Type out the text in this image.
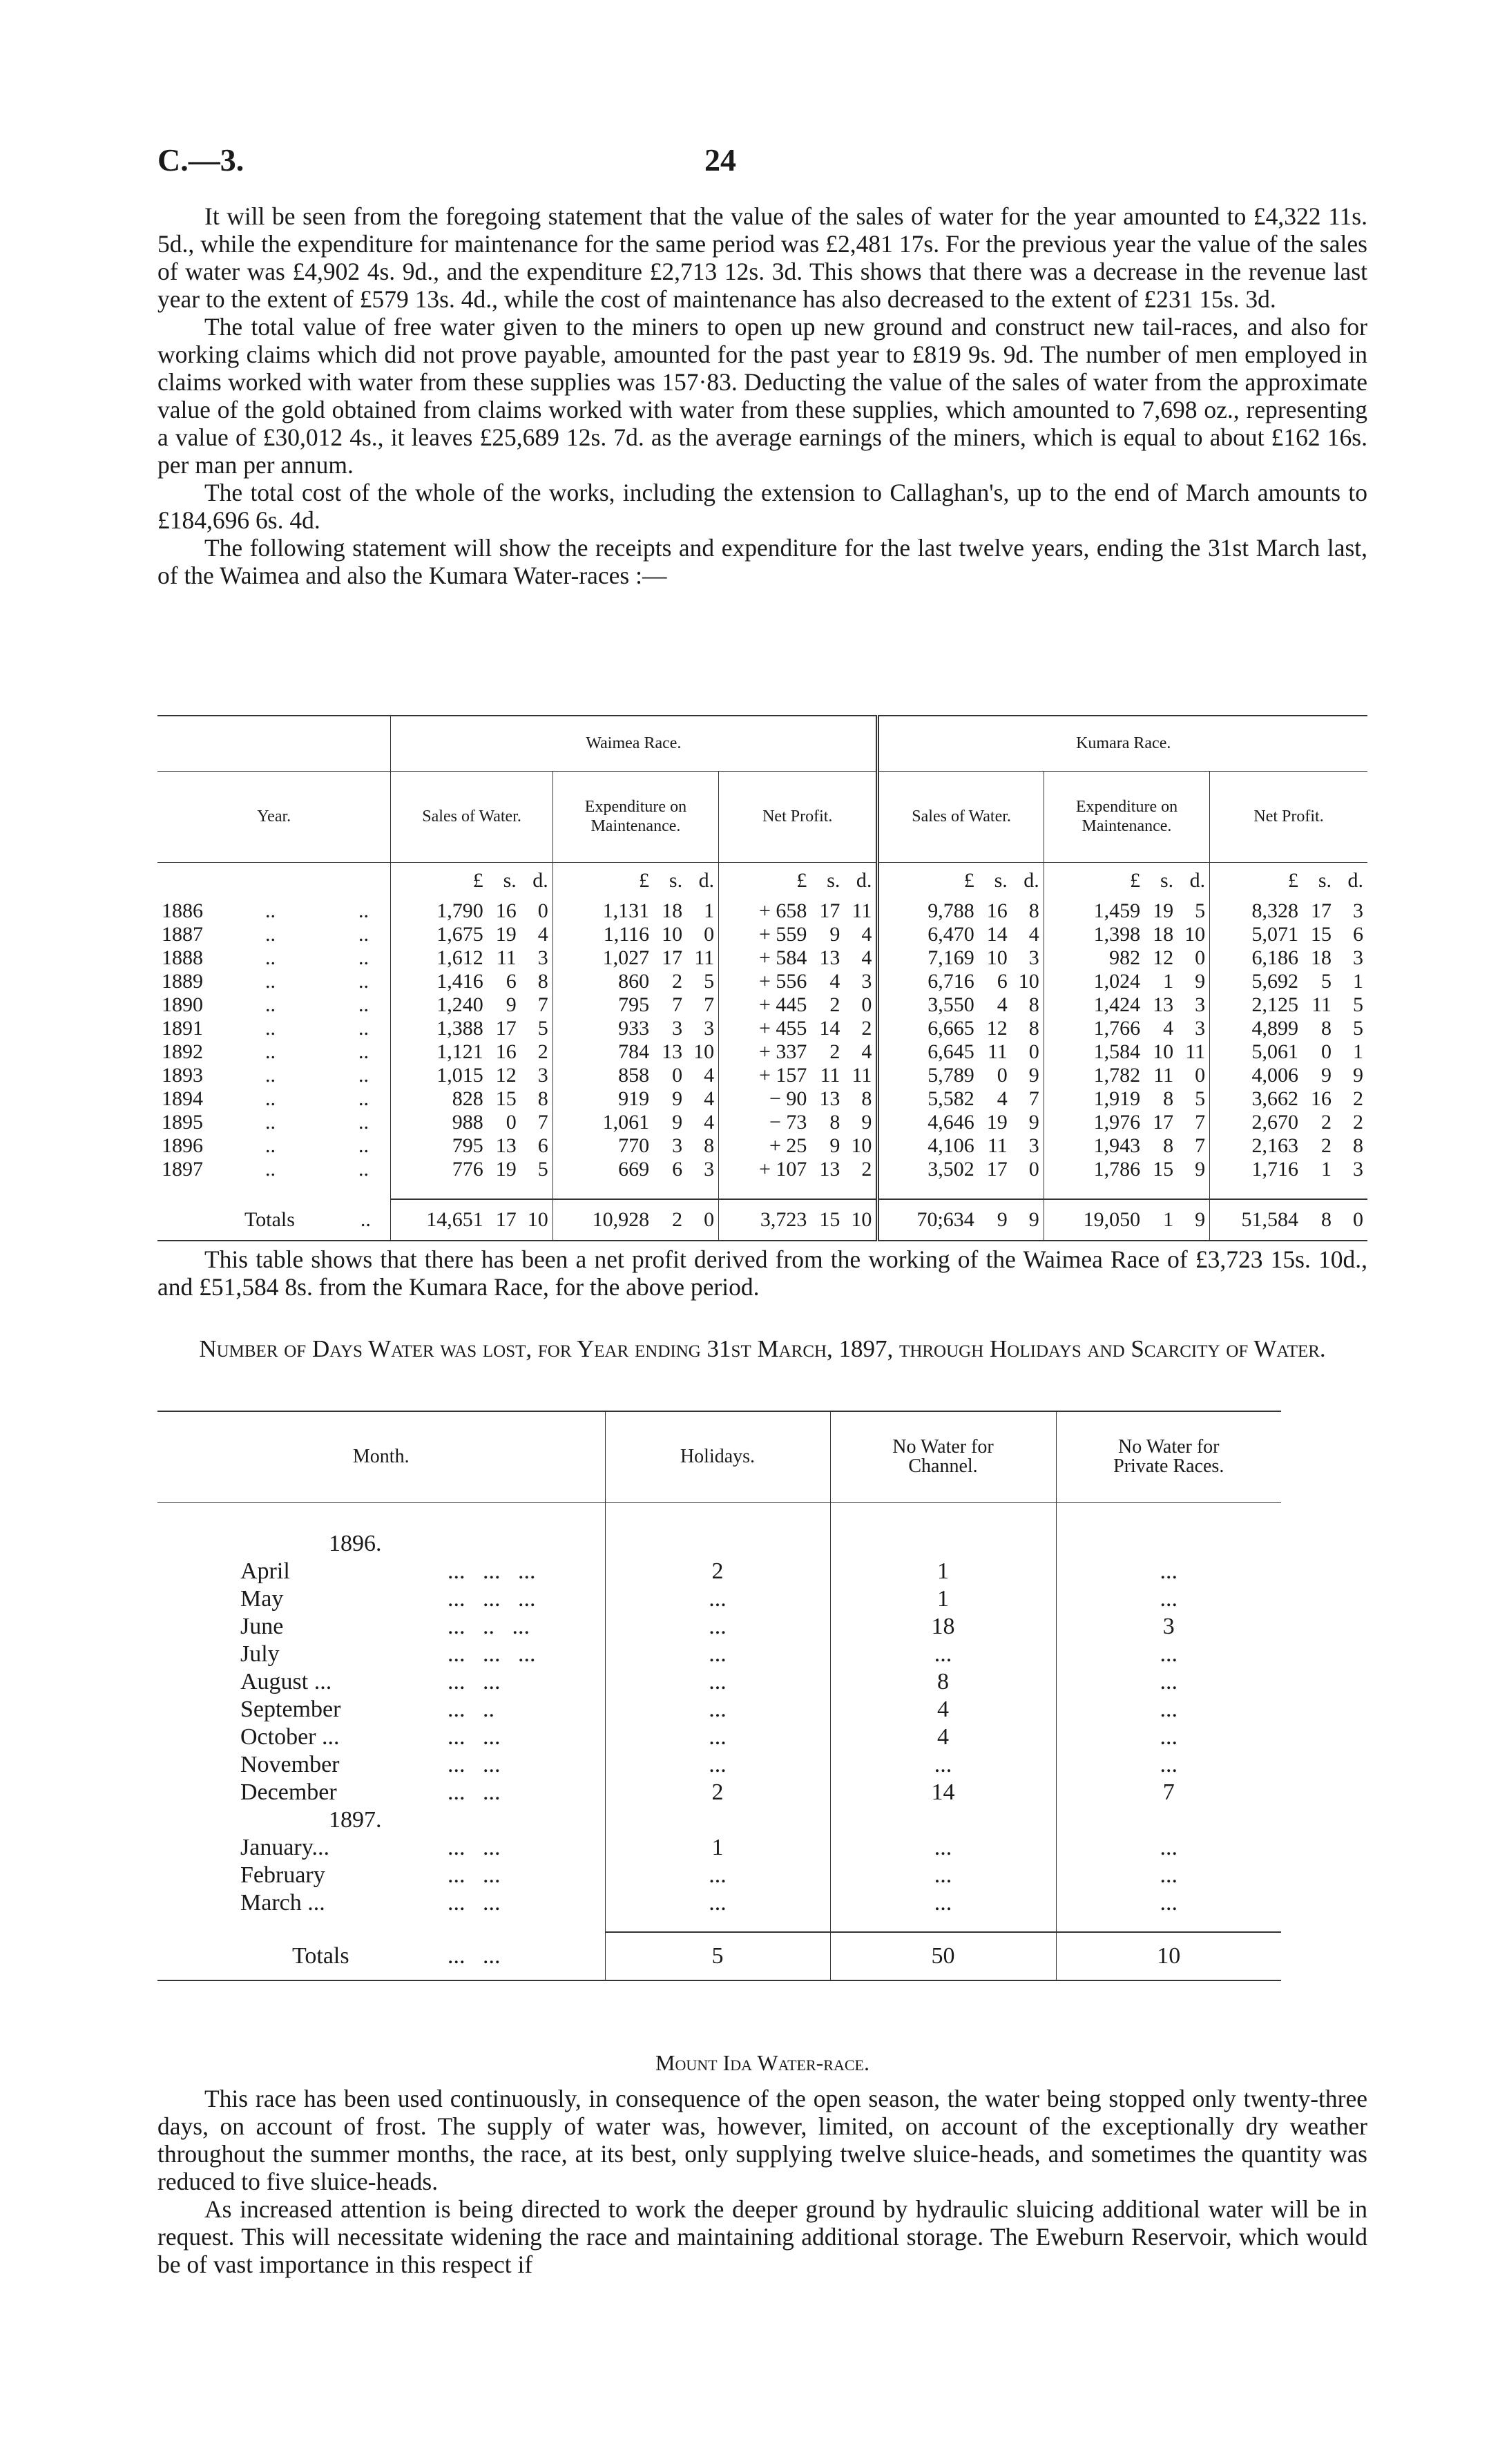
C.—3.	24

It will be seen from the foregoing statement that the value of the sales of water for the year amounted to £4,322 11s. 5d., while the expenditure for maintenance for the same period was £2,481 17s. For the previous year the value of the sales of water was £4,902 4s. 9d., and the expenditure £2,713 12s. 3d. This shows that there was a decrease in the revenue last year to the extent of £579 13s. 4d., while the cost of maintenance has also decreased to the extent of £231 15s. 3d.

The total value of free water given to the miners to open up new ground and construct new tail-races, and also for working claims which did not prove payable, amounted for the past year to £819 9s. 9d. The number of men employed in claims worked with water from these supplies was 157·83. Deducting the value of the sales of water from the approximate value of the gold obtained from claims worked with water from these supplies, which amounted to 7,698 oz., representing a value of £30,012 4s., it leaves £25,689 12s. 7d. as the average earnings of the miners, which is equal to about £162 16s. per man per annum.

The total cost of the whole of the works, including the extension to Callaghan's, up to the end of March amounts to £184,696 6s. 4d.

The following statement will show the receipts and expenditure for the last twelve years, ending the 31st March last, of the Waimea and also the Kumara Water-races :—

	Waimea Race.			Kumara Race.		
Year.	Sales of Water.	Expenditure on Maintenance.	Net Profit.	Sales of Water.	Expenditure on Maintenance.	Net Profit.
	£ s. d.	£ s. d.	£ s. d.	£ s. d.	£ s. d.	£ s. d.
1886 .. ..	1,790 16 0	1,131 18 1	+ 658 17 11	9,788 16 8	1,459 19 5	8,328 17 3
1887 .. ..	1,675 19 4	1,116 10 0	+ 559 9 4	6,470 14 4	1,398 18 10	5,071 15 6
1888 .. ..	1,612 11 3	1,027 17 11	+ 584 13 4	7,169 10 3	982 12 0	6,186 18 3
1889 .. ..	1,416 6 8	860 2 5	+ 556 4 3	6,716 6 10	1,024 1 9	5,692 5 1
1890 .. ..	1,240 9 7	795 7 7	+ 445 2 0	3,550 4 8	1,424 13 3	2,125 11 5
1891 .. ..	1,388 17 5	933 3 3	+ 455 14 2	6,665 12 8	1,766 4 3	4,899 8 5
1892 .. ..	1,121 16 2	784 13 10	+ 337 2 4	6,645 11 0	1,584 10 11	5,061 0 1
1893 .. ..	1,015 12 3	858 0 4	+ 157 11 11	5,789 0 9	1,782 11 0	4,006 9 9
1894 .. ..	828 15 8	919 9 4	− 90 13 8	5,582 4 7	1,919 8 5	3,662 16 2
1895 .. ..	988 0 7	1,061 9 4	− 73 8 9	4,646 19 9	1,976 17 7	2,670 2 2
1896 .. ..	795 13 6	770 3 8	+ 25 9 10	4,106 11 3	1,943 8 7	2,163 2 8
1897 .. ..	776 19 5	669 6 3	+ 107 13 2	3,502 17 0	1,786 15 9	1,716 1 3

Totals ..	14,651 17 10	10,928 2 0	3,723 15 10	70;634 9 9	19,050 1 9	51,584 8 0

This table shows that there has been a net profit derived from the working of the Waimea Race of £3,723 15s. 10d., and £51,584 8s. from the Kumara Race, for the above period.

Number of Days Water was lost, for Year ending 31st March, 1897, through Holidays and Scarcity of Water.
Month.	Holidays.	No Water for Channel.	No Water for Private Races.

1896.			
April ...   ...   ...	2	1	...
May ...   ...   ...	...	1	...
June ...   ..   ...	...	18	3
July ...   ...   ...	...	...	...
August ... ...   ...	...	8	...
September ...   ..	...	4	...
October ... ...   ...	...	4	...
November ...   ...	...	...	...
December ...   ...	2	14	7
1897.			
January... ...   ...	1	...	...
February ...   ...	...	...	...
March ... ...   ...	...	...	...

Totals ...   ...	5	50	10
Mount Ida Water-race.

This race has been used continuously, in consequence of the open season, the water being stopped only twenty-three days, on account of frost. The supply of water was, however, limited, on account of the exceptionally dry weather throughout the summer months, the race, at its best, only supplying twelve sluice-heads, and sometimes the quantity was reduced to five sluice-heads.

As increased attention is being directed to work the deeper ground by hydraulic sluicing additional water will be in request. This will necessitate widening the race and maintaining additional storage. The Eweburn Reservoir, which would be of vast importance in this respect if
